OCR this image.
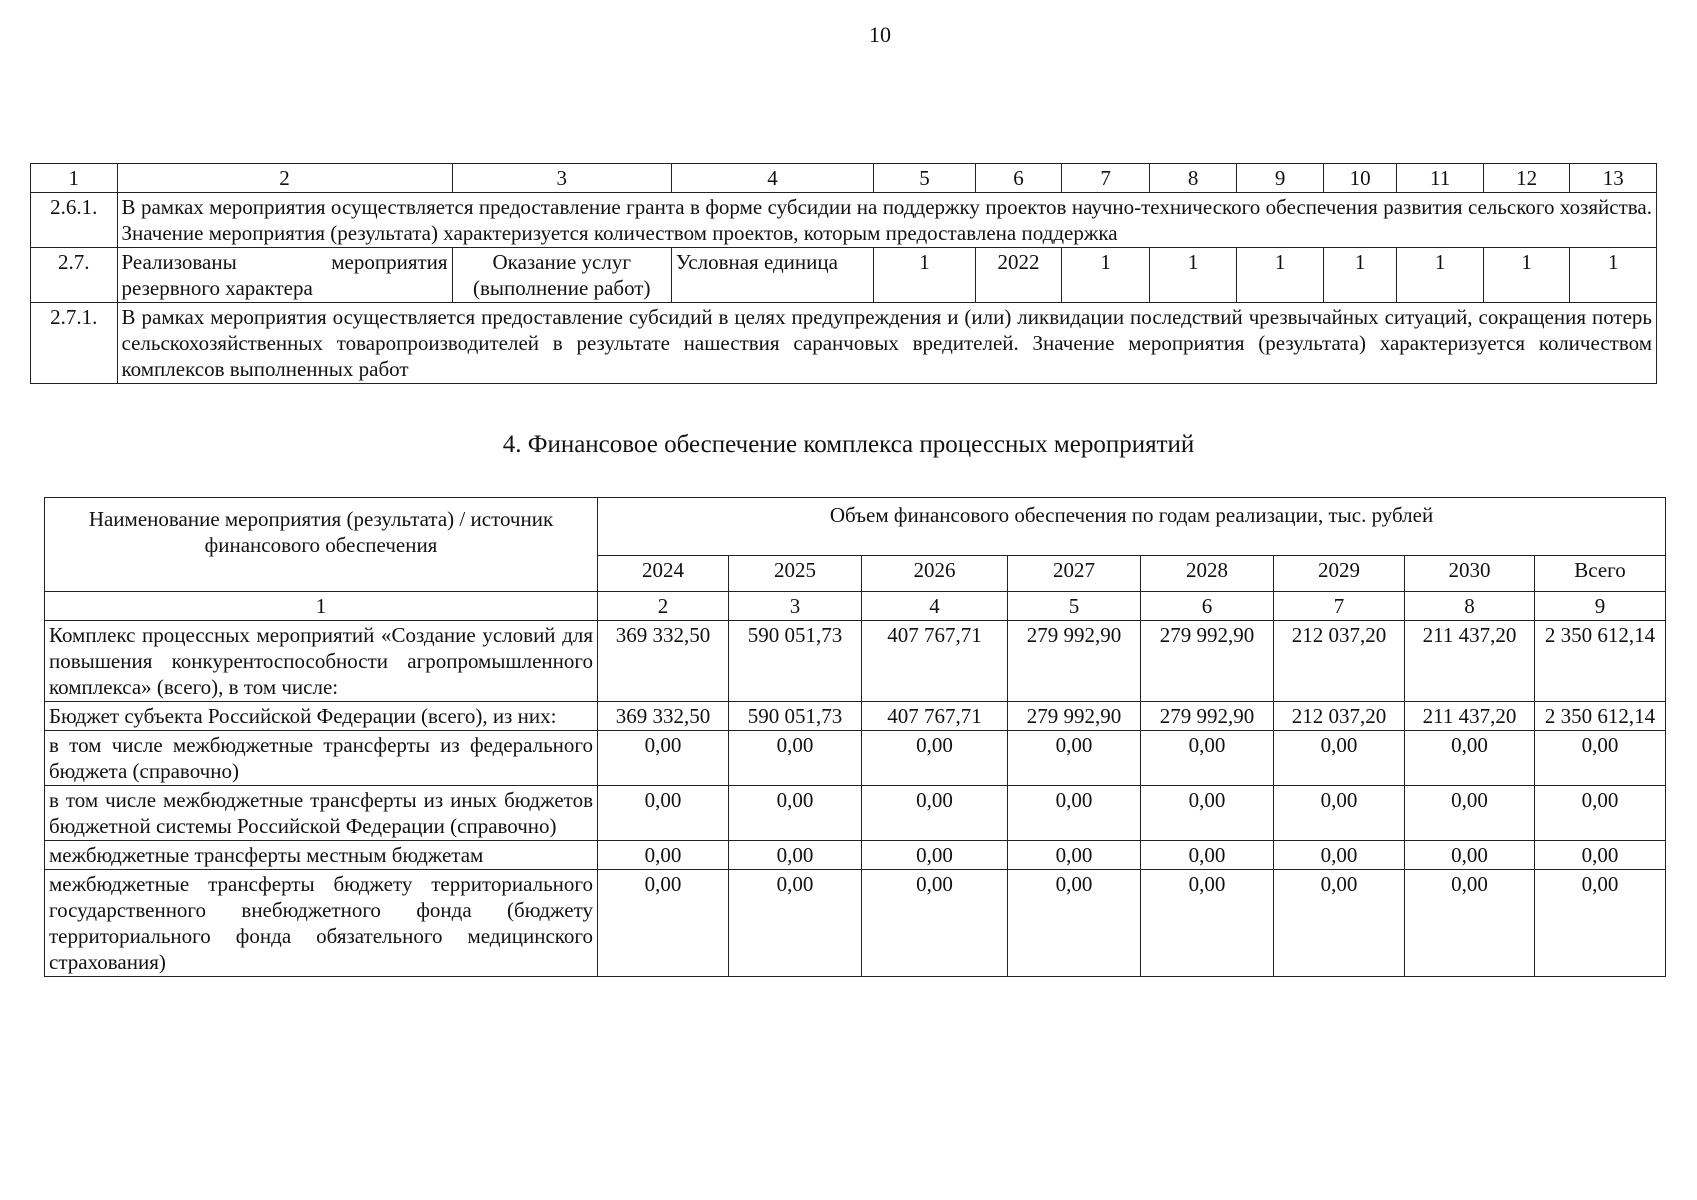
10
1	2	3	4	5	6	7	8	9	10	11	12	13
2.6.1.	В рамках мероприятия осуществляется предоставление гранта в форме субсидии на поддержку проектов научно-технического обеспечения развития сельского хозяйства. Значение мероприятия (результата) характеризуется количеством проектов, которым предоставлена поддержка											
2.7.	Реализованы мероприятия резервного характера	Оказание услуг (выполнение работ)	Условная единица	1	2022	1	1	1	1	1	1	1
2.7.1.	В рамках мероприятия осуществляется предоставление субсидий в целях предупреждения и (или) ликвидации последствий чрезвычайных ситуаций, сокращения потерь сельскохозяйственных товаропроизводителей в результате нашествия саранчовых вредителей. Значение мероприятия (результата) характеризуется количеством комплексов выполненных работ											
4. Финансовое обеспечение комплекса процессных мероприятий
Наименование мероприятия (результата) / источник финансового обеспечения	Объем финансового обеспечения по годам реализации, тыс. рублей							
	2024	2025	2026	2027	2028	2029	2030	Всего
1	2	3	4	5	6	7	8	9
Комплекс процессных мероприятий «Создание условий для повышения конкурентоспособности агропромышленного комплекса» (всего), в том числе:	369 332,50	590 051,73	407 767,71	279 992,90	279 992,90	212 037,20	211 437,20	2 350 612,14
Бюджет субъекта Российской Федерации (всего), из них:	369 332,50	590 051,73	407 767,71	279 992,90	279 992,90	212 037,20	211 437,20	2 350 612,14
в том числе межбюджетные трансферты из федерального бюджета (справочно)	0,00	0,00	0,00	0,00	0,00	0,00	0,00	0,00
в том числе межбюджетные трансферты из иных бюджетов бюджетной системы Российской Федерации (справочно)	0,00	0,00	0,00	0,00	0,00	0,00	0,00	0,00
межбюджетные трансферты местным бюджетам	0,00	0,00	0,00	0,00	0,00	0,00	0,00	0,00
межбюджетные трансферты бюджету территориального государственного внебюджетного фонда (бюджету территориального фонда обязательного медицинского страхования)	0,00	0,00	0,00	0,00	0,00	0,00	0,00	0,00
